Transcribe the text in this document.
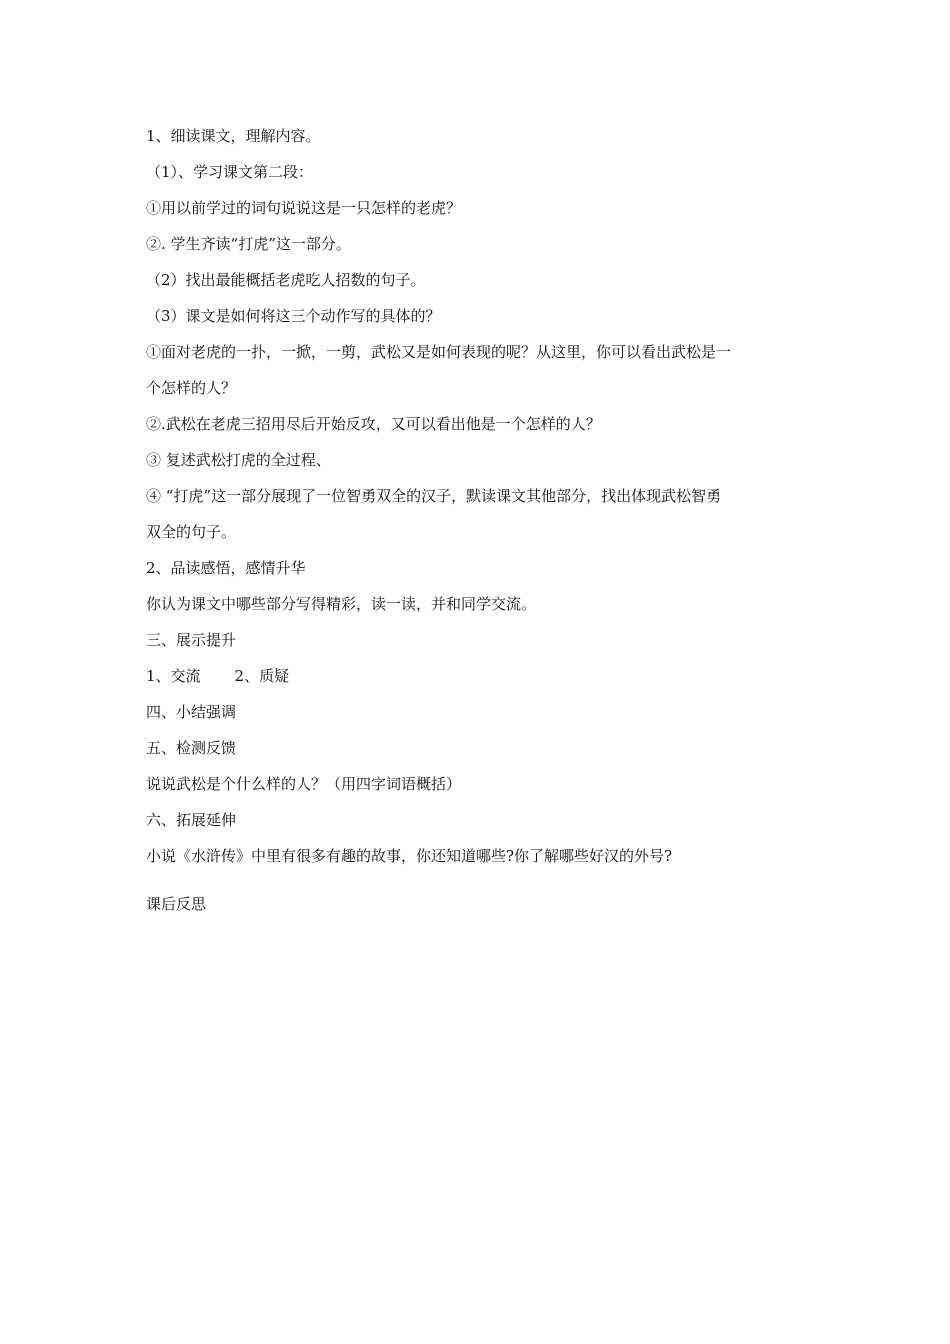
1、细读课文，理解内容。
（1）、学习课文第二段：
①用以前学过的词句说说这是一只怎样的老虎？
②. 学生齐读“打虎”这一部分。
（2）找出最能概括老虎吃人招数的句子。
（3）课文是如何将这三个动作写的具体的？
①面对老虎的一扑，一掀，一剪，武松又是如何表现的呢？从这里，你可以看出武松是一
个怎样的人？
②.武松在老虎三招用尽后开始反攻，又可以看出他是一个怎样的人？
③ 复述武松打虎的全过程、
④ “打虎”这一部分展现了一位智勇双全的汉子，默读课文其他部分，找出体现武松智勇
双全的句子。
2、品读感悟，感情升华
你认为课文中哪些部分写得精彩，读一读，并和同学交流。
三、展示提升
1、交流 2、质疑
四、小结强调
五、检测反馈
说说武松是个什么样的人？（用四字词语概括）
六、拓展延伸
小说《水浒传》中里有很多有趣的故事，你还知道哪些?你了解哪些好汉的外号?
课后反思
